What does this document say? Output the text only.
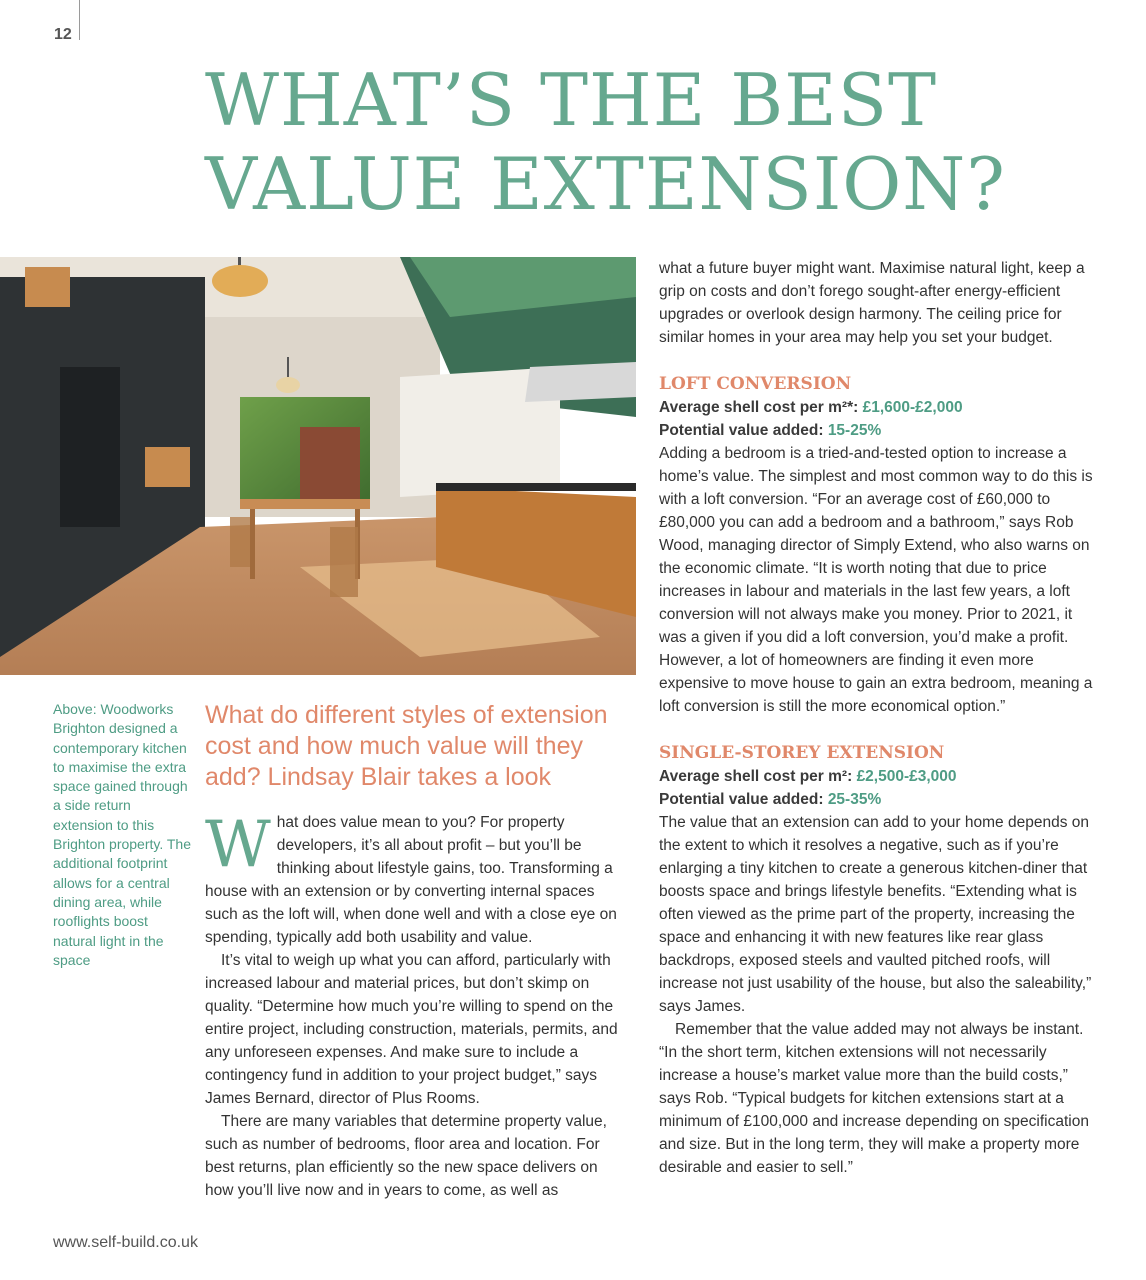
12
WHAT’S THE BEST
VALUE EXTENSION?
Above: Woodworks Brighton designed a contemporary kitchen to maximise the extra space gained through a side return extension to this Brighton property. The additional footprint allows for a central dining area, while rooflights boost natural light in the space
What do different styles of extension cost and how much value will they add? Lindsay Blair takes a look

What does value mean to you? For property developers, it’s all about profit – but you’ll be thinking about lifestyle gains, too. Transforming a house with an extension or by converting internal spaces such as the loft will, when done well and with a close eye on spending, typically add both usability and value.

It’s vital to weigh up what you can afford, particularly with increased labour and material prices, but don’t skimp on quality. “Determine how much you’re willing to spend on the entire project, including construction, materials, permits, and any unforeseen expenses. And make sure to include a contingency fund in addition to your project budget,” says James Bernard, director of Plus Rooms.

There are many variables that determine property value, such as number of bedrooms, floor area and location. For best returns, plan efficiently so the new space delivers on how you’ll live now and in years to come, as well as

what a future buyer might want. Maximise natural light, keep a grip on costs and don’t forego sought-after energy-efficient upgrades or overlook design harmony. The ceiling price for similar homes in your area may help you set your budget.

LOFT CONVERSION
Average shell cost per m²*: £1,600-£2,000
Potential value added: 15-25%

Adding a bedroom is a tried-and-tested option to increase a home’s value. The simplest and most common way to do this is with a loft conversion. “For an average cost of £60,000 to £80,000 you can add a bedroom and a bathroom,” says Rob Wood, managing director of Simply Extend, who also warns on the economic climate. “It is worth noting that due to price increases in labour and materials in the last few years, a loft conversion will not always make you money. Prior to 2021, it was a given if you did a loft conversion, you’d make a profit. However, a lot of homeowners are finding it even more expensive to move house to gain an extra bedroom, meaning a loft conversion is still the more economical option.”

SINGLE-STOREY EXTENSION
Average shell cost per m²: £2,500-£3,000
Potential value added: 25-35%

The value that an extension can add to your home depends on the extent to which it resolves a negative, such as if you’re enlarging a tiny kitchen to create a generous kitchen-diner that boosts space and brings lifestyle benefits. “Extending what is often viewed as the prime part of the property, increasing the space and enhancing it with new features like rear glass backdrops, exposed steels and vaulted pitched roofs, will increase not just usability of the house, but also the saleability,” says James.

Remember that the value added may not always be instant. “In the short term, kitchen extensions will not necessarily increase a house’s market value more than the build costs,” says Rob. “Typical budgets for kitchen extensions start at a minimum of £100,000 and increase depending on specification and size. But in the long term, they will make a property more desirable and easier to sell.”

www.self-build.co.uk
